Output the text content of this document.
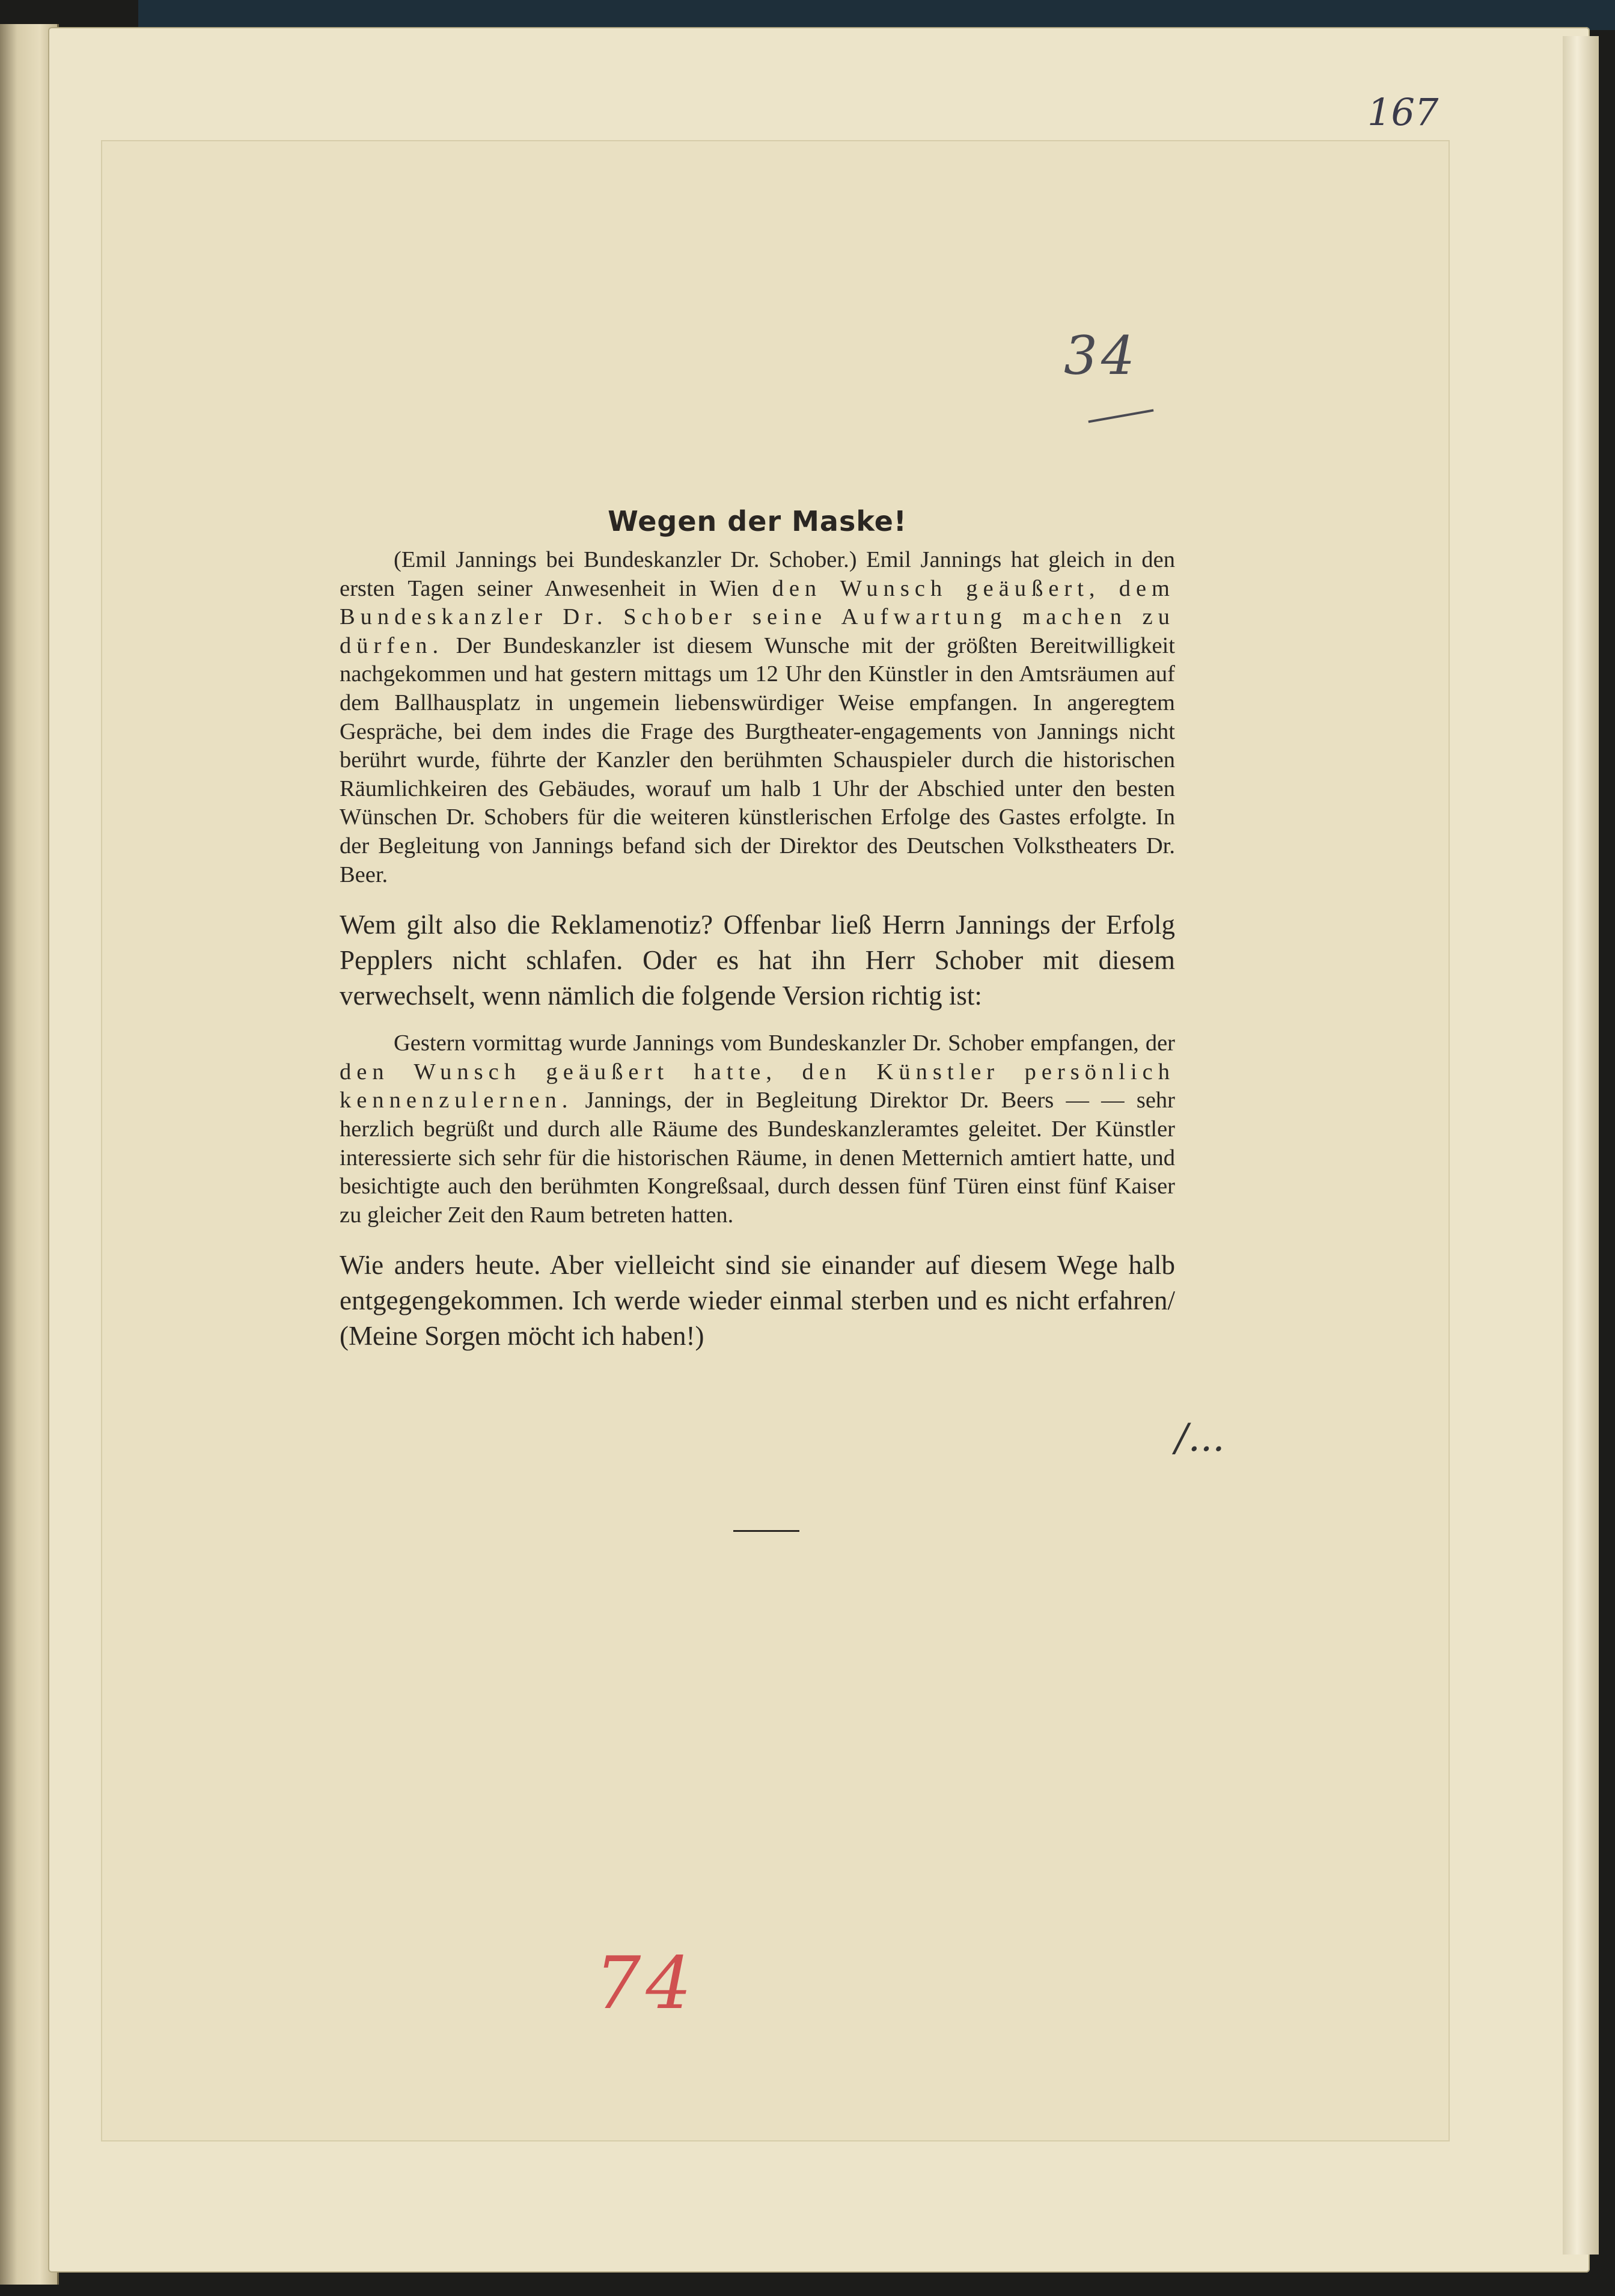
167
34
Wegen der Maske!

(Emil Jannings bei Bundeskanzler Dr. Schober.) Emil Jannings hat gleich in den ersten Tagen seiner Anwesenheit in Wien den Wunsch geäußert, dem Bundeskanzler Dr. Schober seine Aufwartung machen zu dürfen. Der Bundeskanzler ist diesem Wunsche mit der größten Bereitwilligkeit nachgekommen und hat gestern mittags um 12 Uhr den Künstler in den Amtsräumen auf dem Ballhausplatz in ungemein liebenswürdiger Weise empfangen. In angeregtem Gespräche, bei dem indes die Frage des Burgtheater-engagements von Jannings nicht berührt wurde, führte der Kanzler den berühmten Schauspieler durch die historischen Räumlichkeiren des Gebäudes, worauf um halb 1 Uhr der Abschied unter den besten Wünschen Dr. Schobers für die weiteren künstlerischen Erfolge des Gastes erfolgte. In der Begleitung von Jannings befand sich der Direktor des Deutschen Volkstheaters Dr. Beer.

Wem gilt also die Reklamenotiz? Offenbar ließ Herrn Jannings der Erfolg Pepplers nicht schlafen. Oder es hat ihn Herr Schober mit diesem verwechselt, wenn nämlich die folgende Version richtig ist:

Gestern vormittag wurde Jannings vom Bundeskanzler Dr. Schober empfangen, der den Wunsch geäußert hatte, den Künstler persönlich kennenzulernen. Jannings, der in Begleitung Direktor Dr. Beers — — sehr herzlich begrüßt und durch alle Räume des Bundeskanzleramtes geleitet. Der Künstler interessierte sich sehr für die historischen Räume, in denen Metternich amtiert hatte, und besichtigte auch den berühmten Kongreßsaal, durch dessen fünf Türen einst fünf Kaiser zu gleicher Zeit den Raum betreten hatten.

Wie anders heute. Aber vielleicht sind sie einander auf diesem Wege halb entgegengekommen. Ich werde wieder einmal sterben und es nicht erfahren/ (Meine Sorgen möcht ich haben!)

/...
74
